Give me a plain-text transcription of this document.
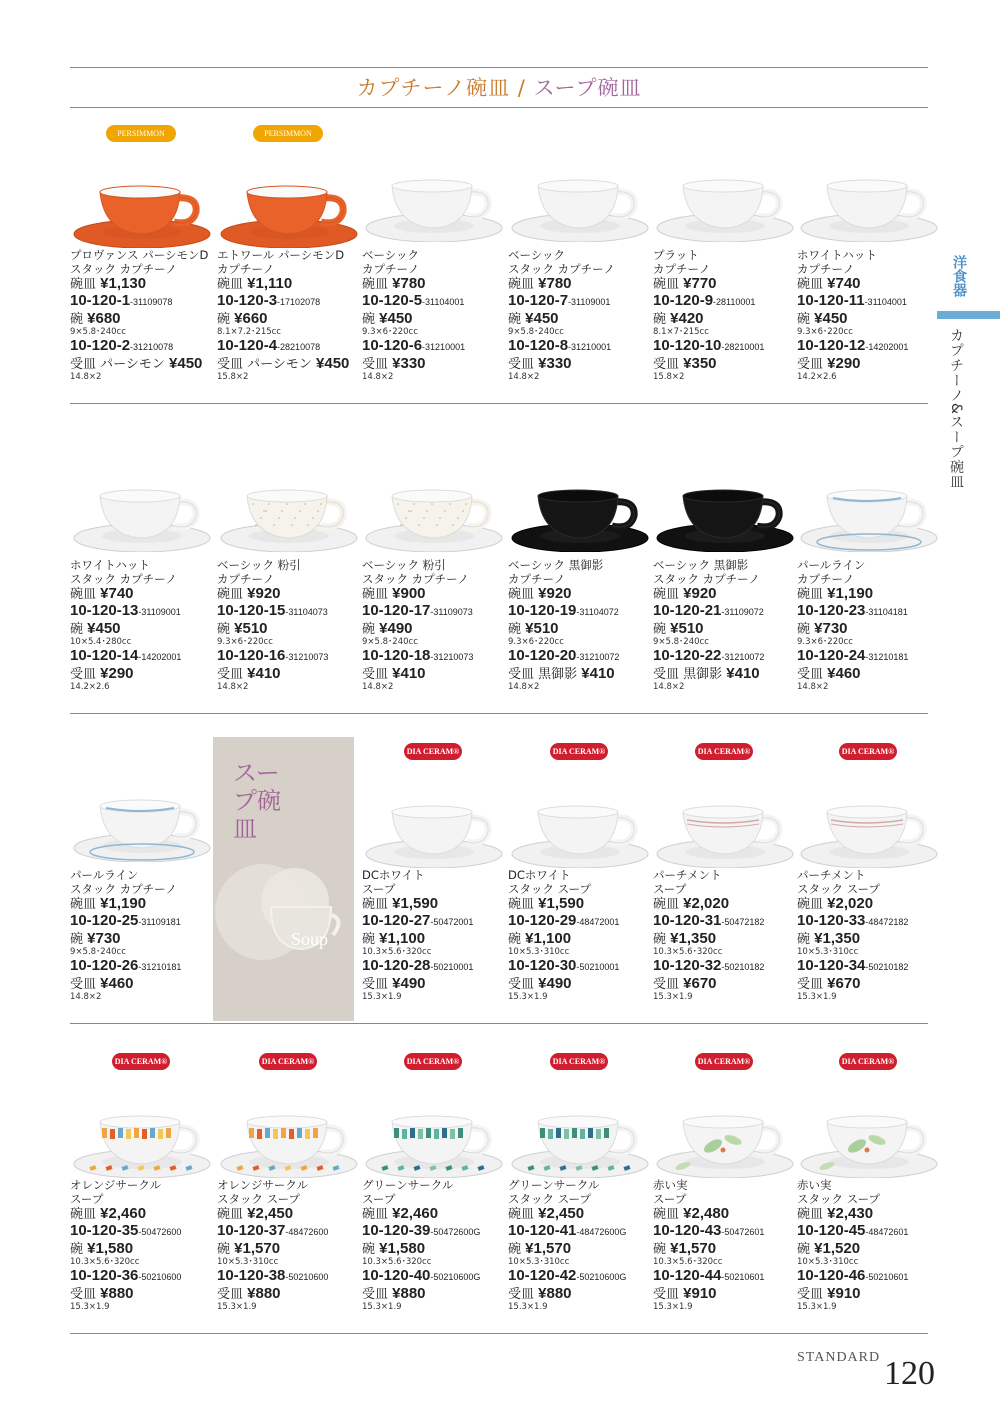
カプチーノ碗皿 / スープ碗皿
洋食器
カプチーノ&スープ碗皿
スープ碗皿
Soup
PERSIMMON
プロヴァンス パーシモンD
スタック カプチーノ
碗皿 ¥1,130
10-120-1-31109078
碗 ¥680
9×5.8･240cc
10-120-2-31210078
受皿 パーシモン ¥450
14.8×2
PERSIMMON
エトワール パーシモンD
カプチーノ
碗皿 ¥1,110
10-120-3-17102078
碗 ¥660
8.1×7.2･215cc
10-120-4-28210078
受皿 パーシモン ¥450
15.8×2
ベーシック
カプチーノ
碗皿 ¥780
10-120-5-31104001
碗 ¥450
9.3×6･220cc
10-120-6-31210001
受皿 ¥330
14.8×2
ベーシック
スタック カプチーノ
碗皿 ¥780
10-120-7-31109001
碗 ¥450
9×5.8･240cc
10-120-8-31210001
受皿 ¥330
14.8×2
プラット
カプチーノ
碗皿 ¥770
10-120-9-28110001
碗 ¥420
8.1×7･215cc
10-120-10-28210001
受皿 ¥350
15.8×2
ホワイトハット
カプチーノ
碗皿 ¥740
10-120-11-31104001
碗 ¥450
9.3×6･220cc
10-120-12-14202001
受皿 ¥290
14.2×2.6
ホワイトハット
スタック カプチーノ
碗皿 ¥740
10-120-13-31109001
碗 ¥450
10×5.4･280cc
10-120-14-14202001
受皿 ¥290
14.2×2.6
ベーシック 粉引
カプチーノ
碗皿 ¥920
10-120-15-31104073
碗 ¥510
9.3×6･220cc
10-120-16-31210073
受皿 ¥410
14.8×2
ベーシック 粉引
スタック カプチーノ
碗皿 ¥900
10-120-17-31109073
碗 ¥490
9×5.8･240cc
10-120-18-31210073
受皿 ¥410
14.8×2
ベーシック 黒御影
カプチーノ
碗皿 ¥920
10-120-19-31104072
碗 ¥510
9.3×6･220cc
10-120-20-31210072
受皿 黒御影 ¥410
14.8×2
ベーシック 黒御影
スタック カプチーノ
碗皿 ¥920
10-120-21-31109072
碗 ¥510
9×5.8･240cc
10-120-22-31210072
受皿 黒御影 ¥410
14.8×2
パールライン
カプチーノ
碗皿 ¥1,190
10-120-23-31104181
碗 ¥730
9.3×6･220cc
10-120-24-31210181
受皿 ¥460
14.8×2
パールライン
スタック カプチーノ
碗皿 ¥1,190
10-120-25-31109181
碗 ¥730
9×5.8･240cc
10-120-26-31210181
受皿 ¥460
14.8×2
DIA CERAM®
DCホワイト
スープ
碗皿 ¥1,590
10-120-27-50472001
碗 ¥1,100
10.3×5.6･320cc
10-120-28-50210001
受皿 ¥490
15.3×1.9
DIA CERAM®
DCホワイト
スタック スープ
碗皿 ¥1,590
10-120-29-48472001
碗 ¥1,100
10×5.3･310cc
10-120-30-50210001
受皿 ¥490
15.3×1.9
DIA CERAM®
パーチメント
スープ
碗皿 ¥2,020
10-120-31-50472182
碗 ¥1,350
10.3×5.6･320cc
10-120-32-50210182
受皿 ¥670
15.3×1.9
DIA CERAM®
パーチメント
スタック スープ
碗皿 ¥2,020
10-120-33-48472182
碗 ¥1,350
10×5.3･310cc
10-120-34-50210182
受皿 ¥670
15.3×1.9
DIA CERAM®
オレンジサークル
スープ
碗皿 ¥2,460
10-120-35-50472600
碗 ¥1,580
10.3×5.6･320cc
10-120-36-50210600
受皿 ¥880
15.3×1.9
DIA CERAM®
オレンジサークル
スタック スープ
碗皿 ¥2,450
10-120-37-48472600
碗 ¥1,570
10×5.3･310cc
10-120-38-50210600
受皿 ¥880
15.3×1.9
DIA CERAM®
グリーンサークル
スープ
碗皿 ¥2,460
10-120-39-50472600G
碗 ¥1,580
10.3×5.6･320cc
10-120-40-50210600G
受皿 ¥880
15.3×1.9
DIA CERAM®
グリーンサークル
スタック スープ
碗皿 ¥2,450
10-120-41-48472600G
碗 ¥1,570
10×5.3･310cc
10-120-42-50210600G
受皿 ¥880
15.3×1.9
DIA CERAM®
赤い実
スープ
碗皿 ¥2,480
10-120-43-50472601
碗 ¥1,570
10.3×5.6･320cc
10-120-44-50210601
受皿 ¥910
15.3×1.9
DIA CERAM®
赤い実
スタック スープ
碗皿 ¥2,430
10-120-45-48472601
碗 ¥1,520
10×5.3･310cc
10-120-46-50210601
受皿 ¥910
15.3×1.9
STANDARD 120
